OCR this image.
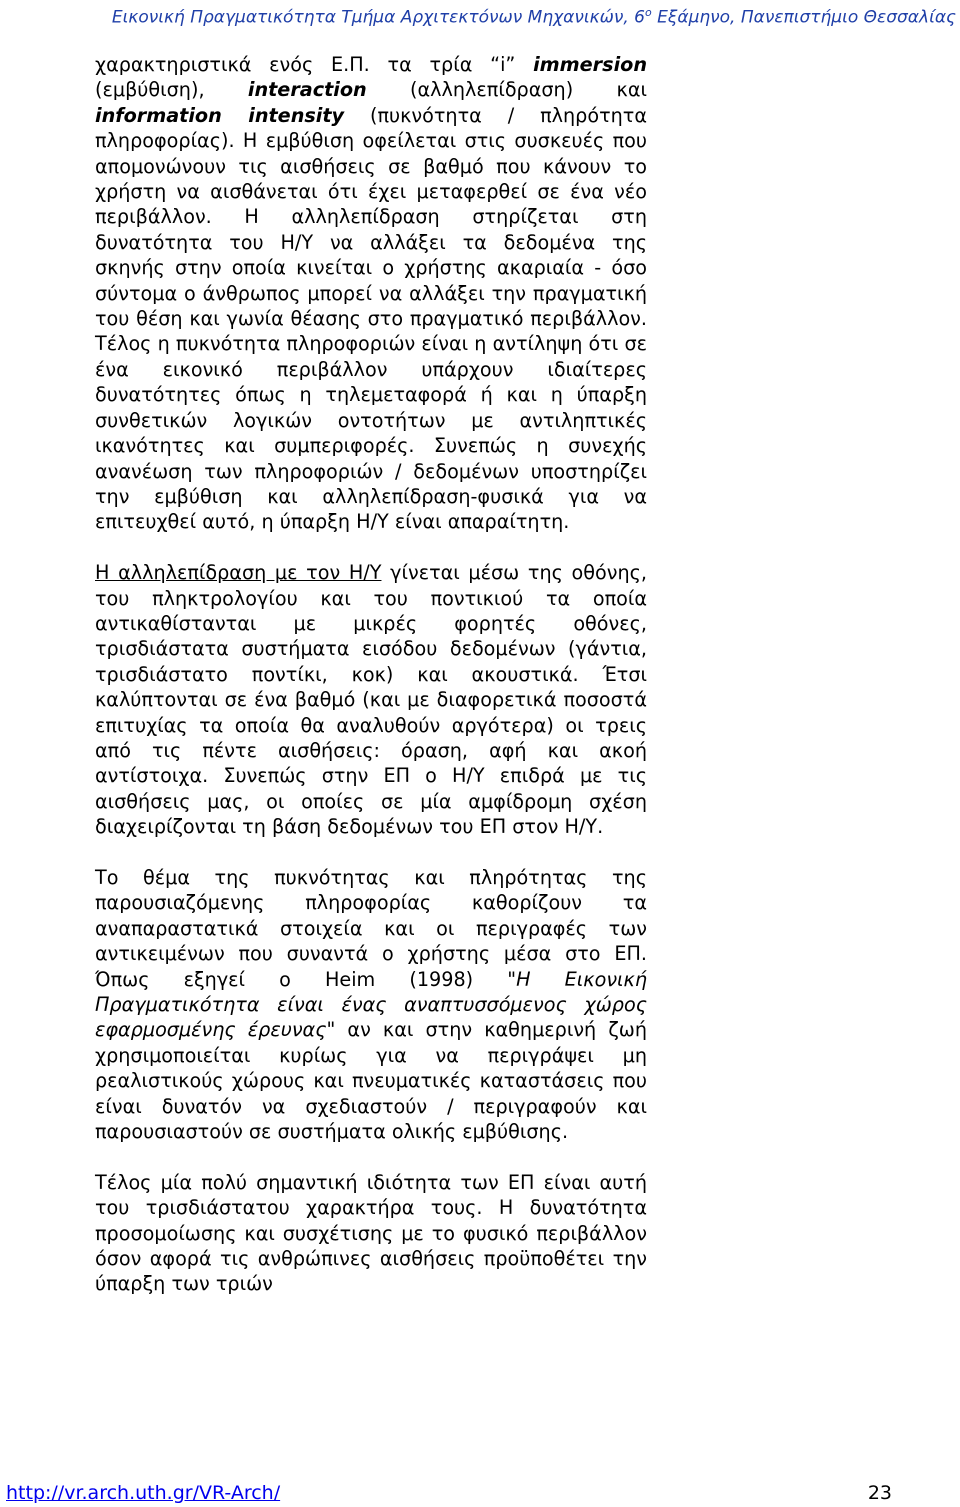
Εικονική Πραγματικότητα Τμήμα Αρχιτεκτόνων Μηχανικών, $6^o$ Εξάμηνο, Πανεπιστήμιο Θεσσαλίας

χαρακτηριστικά ενός Ε.Π. τα τρία “i” immersion (εμβύθιση), interaction (αλληλεπίδραση) και information intensity (πυκνότητα / πληρότητα πληροφορίας). Η εμβύθιση οφείλεται στις συσκευές που απομονώνουν τις αισθήσεις σε βαθμό που κάνουν το χρήστη να αισθάνεται ότι έχει μεταφερθεί σε ένα νέο περιβάλλον. Η αλληλεπίδραση στηρίζεται στη δυνατότητα του Η/Υ να αλλάξει τα δεδομένα της σκηνής στην οποία κινείται ο χρήστης ακαριαία - όσο σύντομα ο άνθρωπος μπορεί να αλλάξει την πραγματική του θέση και γωνία θέασης στο πραγματικό περιβάλλον. Τέλος η πυκνότητα πληροφοριών είναι η αντίληψη ότι σε ένα εικονικό περιβάλλον υπάρχουν ιδιαίτερες δυνατότητες όπως η τηλεμεταφορά ή και η ύπαρξη συνθετικών λογικών οντοτήτων με αντιληπτικές ικανότητες και συμπεριφορές. Συνεπώς η συνεχής ανανέωση των πληροφοριών / δεδομένων υποστηρίζει την εμβύθιση και αλληλεπίδραση-φυσικά για να επιτευχθεί αυτό, η ύπαρξη Η/Υ είναι απαραίτητη.

Η αλληλεπίδραση με τον Η/Υ γίνεται μέσω της οθόνης, του πληκτρολογίου και του ποντικιού τα οποία αντικαθίστανται με μικρές φορητές οθόνες, τρισδιάστατα συστήματα εισόδου δεδομένων (γάντια, τρισδιάστατο ποντίκι, κοκ) και ακουστικά. Έτσι καλύπτονται σε ένα βαθμό (και με διαφορετικά ποσοστά επιτυχίας τα οποία θα αναλυθούν αργότερα) οι τρεις από τις πέντε αισθήσεις: όραση, αφή και ακοή αντίστοιχα. Συνεπώς στην ΕΠ ο Η/Υ επιδρά με τις αισθήσεις μας, οι οποίες σε μία αμφίδρομη σχέση διαχειρίζονται τη βάση δεδομένων του ΕΠ στον Η/Υ.

Το θέμα της πυκνότητας και πληρότητας της παρουσιαζόμενης πληροφορίας καθορίζουν τα αναπαραστατικά στοιχεία και οι περιγραφές των αντικειμένων που συναντά ο χρήστης μέσα στο ΕΠ. Όπως εξηγεί ο Heim (1998) "Η Εικονική Πραγματικότητα είναι ένας αναπτυσσόμενος χώρος εφαρμοσμένης έρευνας" αν και στην καθημερινή ζωή χρησιμοποιείται κυρίως για να περιγράψει μη ρεαλιστικούς χώρους και πνευματικές καταστάσεις που είναι δυνατόν να σχεδιαστούν / περιγραφούν και παρουσιαστούν σε συστήματα ολικής εμβύθισης.

Τέλος μία πολύ σημαντική ιδιότητα των ΕΠ είναι αυτή του τρισδιάστατου χαρακτήρα τους. Η δυνατότητα προσομοίωσης και συσχέτισης με το φυσικό περιβάλλον όσον αφορά τις ανθρώπινες αισθήσεις προϋποθέτει την ύπαρξη των τριών

http://vr.arch.uth.gr/VR-Arch/	23
